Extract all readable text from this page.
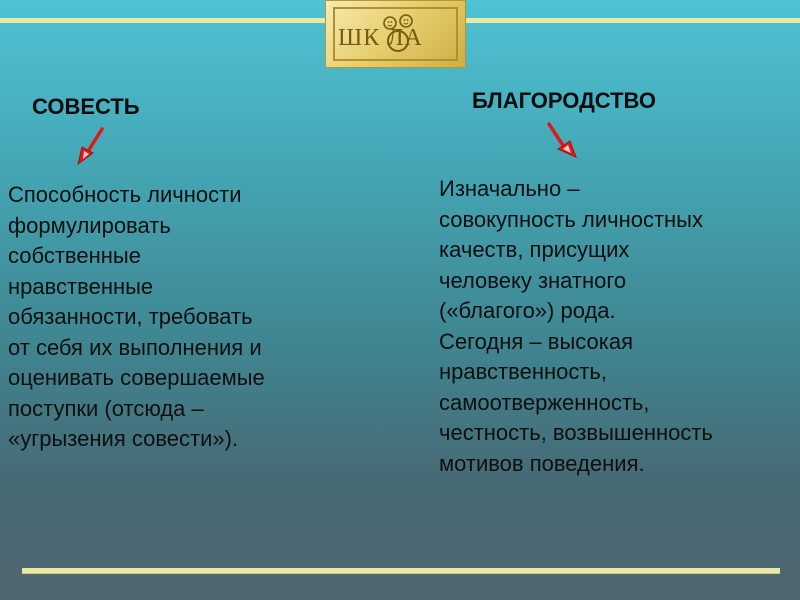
ШК ЛА
СОВЕСТЬ	БЛАГОРОДСТВО
Способность личности
формулировать
собственные
нравственные
обязанности, требовать
от себя их выполнения и
оценивать совершаемые
поступки (отсюда –
«угрызения совести»).
Изначально –
совокупность личностных
качеств, присущих
человеку знатного
(«благого») рода.
Сегодня – высокая
нравственность,
самоотверженность,
честность, возвышенность
мотивов поведения.
